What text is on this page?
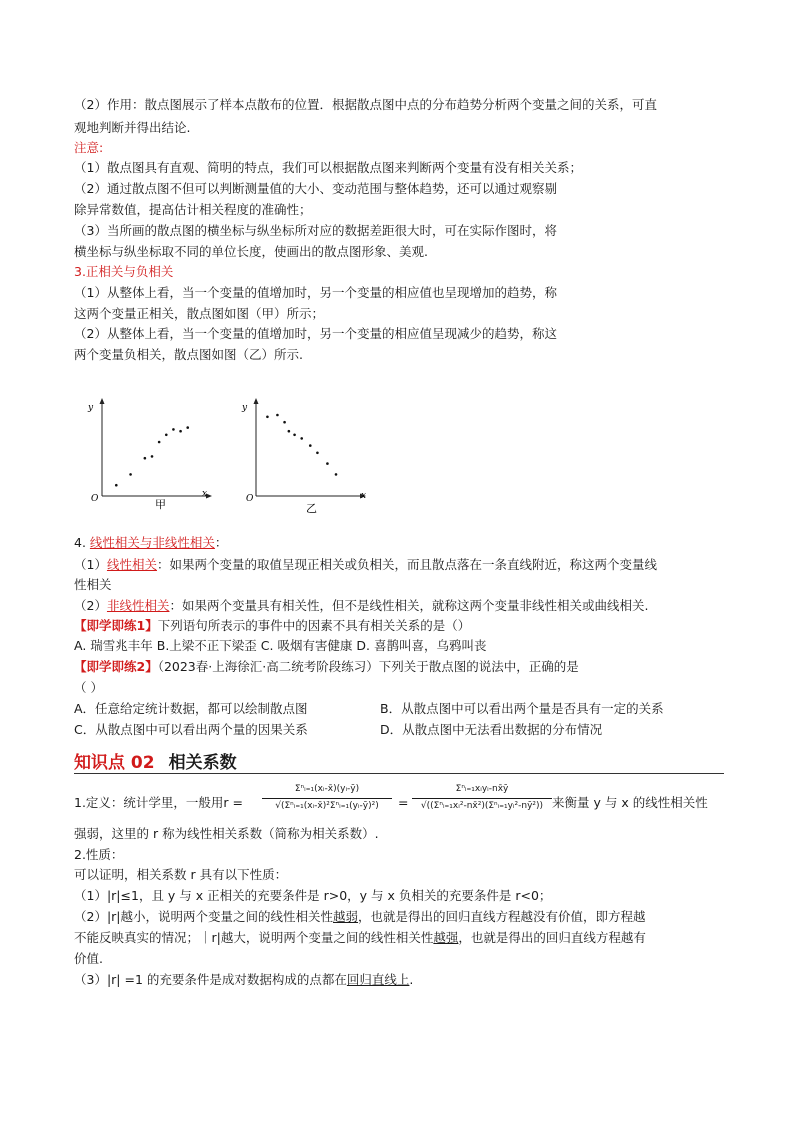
（2）作用：散点图展示了样本点散布的位置．根据散点图中点的分布趋势分析两个变量之间的关系，可直
观地判断并得出结论.
注意:
（1）散点图具有直观、简明的特点，我们可以根据散点图来判断两个变量有没有相关关系；
（2）通过散点图不但可以判断测量值的大小、变动范围与整体趋势，还可以通过观察剔
除异常数值，提高估计相关程度的准确性；
（3）当所画的散点图的横坐标与纵坐标所对应的数据差距很大时，可在实际作图时，将
横坐标与纵坐标取不同的单位长度，使画出的散点图形象、美观.
3.正相关与负相关
（1）从整体上看，当一个变量的值增加时，另一个变量的相应值也呈现增加的趋势，称
这两个变量正相关，散点图如图（甲）所示；
（2）从整体上看，当一个变量的值增加时，另一个变量的相应值呈现减少的趋势，称这
两个变量负相关，散点图如图（乙）所示.
y
x
O	甲
y
x
O
乙
4. 线性相关与非线性相关：
（1）线性相关：如果两个变量的取值呈现正相关或负相关，而且散点落在一条直线附近，称这两个变量线
性相关
（2）非线性相关：如果两个变量具有相关性，但不是线性相关，就称这两个变量非线性相关或曲线相关.
【即学即练1】下列语句所表示的事件中的因素不具有相关关系的是（）
A. 瑞雪兆丰年 B.上梁不正下梁歪 C. 吸烟有害健康 D. 喜鹊叫喜，乌鸦叫丧
【即学即练2】（2023春·上海徐汇·高二统考阶段练习）下列关于散点图的说法中，正确的是
（ ）
A．任意给定统计数据，都可以绘制散点图	B．从散点图中可以看出两个量是否具有一定的关系
C．从散点图中可以看出两个量的因果关系	D．从散点图中无法看出数据的分布情况
知识点 02 相关系数
1.定义：统计学里，一般用r =
Σⁿᵢ₌₁(xᵢ-x̄)(yᵢ-ȳ)
√(Σⁿᵢ₌₁(xᵢ-x̄)²Σⁿᵢ₌₁(yᵢ-ȳ)²)	=
Σⁿᵢ₌₁xᵢyᵢ-nx̄ȳ
√((Σⁿᵢ₌₁xᵢ²-nx̄²)(Σⁿᵢ₌₁yᵢ²-nȳ²)) 来衡量 y 与 x 的线性相关性
强弱，这里的 r 称为线性相关系数（简称为相关系数）.
2.性质：
可以证明，相关系数 r 具有以下性质：
（1）|r|≤1，且 y 与 x 正相关的充要条件是 r>0，y 与 x 负相关的充要条件是 r<0；
（2）|r|越小，说明两个变量之间的线性相关性越弱，也就是得出的回归直线方程越没有价值，即方程越
不能反映真实的情况；｜r|越大，说明两个变量之间的线性相关性越强，也就是得出的回归直线方程越有
价值.
（3）|r| =1 的充要条件是成对数据构成的点都在回归直线上.
